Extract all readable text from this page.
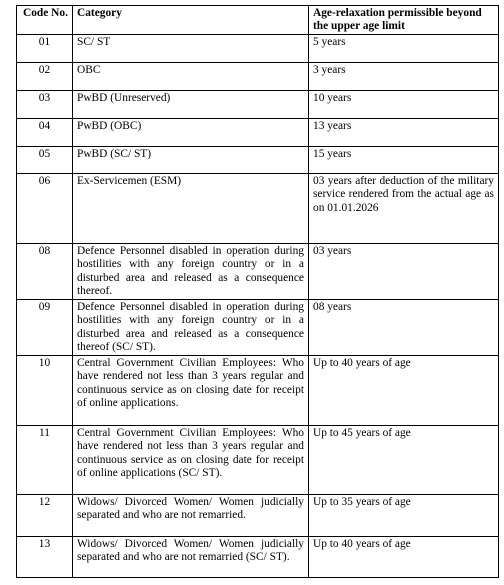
Code No.	Category	Age-relaxation permissible beyond the upper age limit
01	SC/ ST	5 years
02	OBC	3 years
03	PwBD (Unreserved)	10 years
04	PwBD (OBC)	13 years
05	PwBD (SC/ ST)	15 years
06	Ex-Servicemen (ESM)	03 years after deduction of the military service rendered from the actual age as on 01.01.2026
08	Defence Personnel disabled in operation during hostilities with any foreign country or in a disturbed area and released as a consequence thereof.	03 years
09	Defence Personnel disabled in operation during hostilities with any foreign country or in a disturbed area and released as a consequence thereof (SC/ ST).	08 years
10	Central Government Civilian Employees: Who have rendered not less than 3 years regular and continuous service as on closing date for receipt of online applications.	Up to 40 years of age
11	Central Government Civilian Employees: Who have rendered not less than 3 years regular and continuous service as on closing date for receipt of online applications (SC/ ST).	Up to 45 years of age
12	Widows/ Divorced Women/ Women judicially separated and who are not remarried.	Up to 35 years of age
13	Widows/ Divorced Women/ Women judicially separated and who are not remarried (SC/ ST).	Up to 40 years of age
